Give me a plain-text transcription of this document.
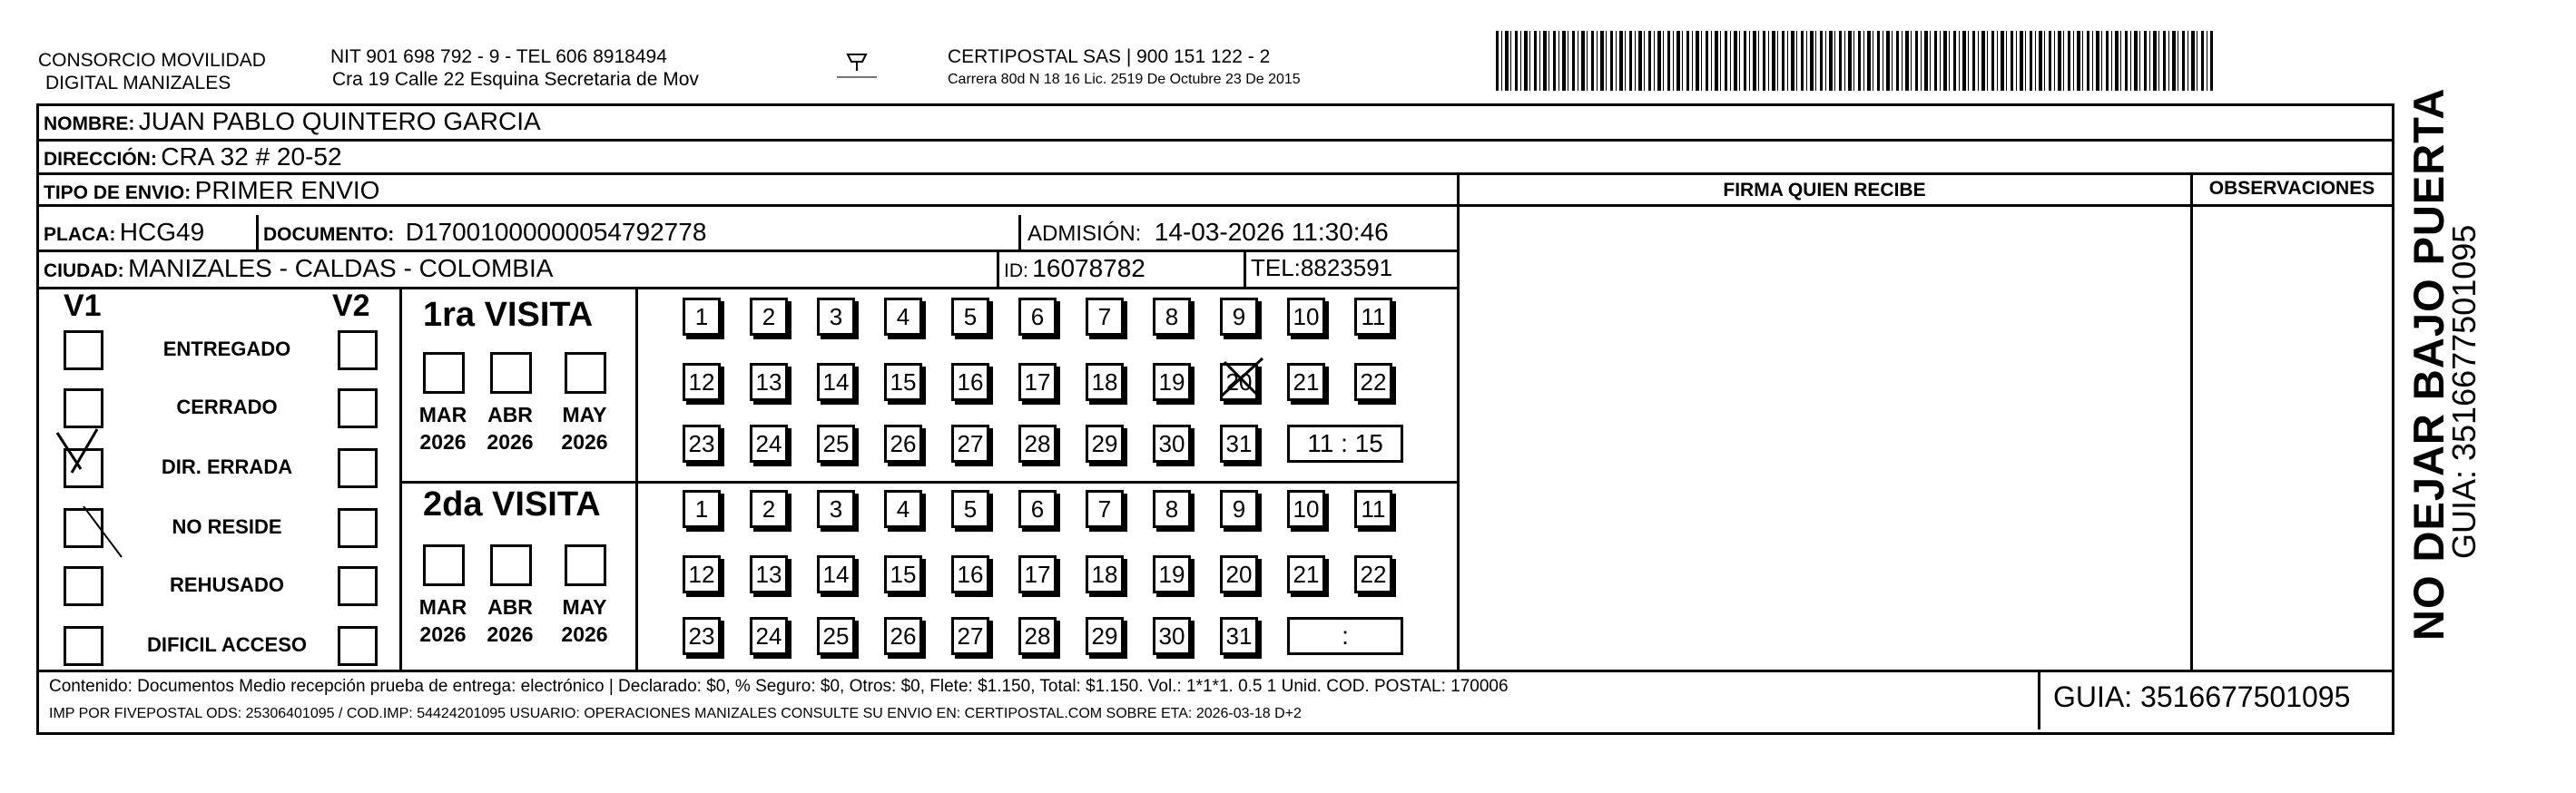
CONSORCIO MOVILIDAD
DIGITAL MANIZALES
NIT 901 698 792 - 9 - TEL 606 8918494
Cra 19 Calle 22 Esquina Secretaria de Mov
CERTIPOSTAL SAS | 900 151 122 - 2
Carrera 80d N 18 16 Lic. 2519 De Octubre 23 De 2015
NOMBRE: JUAN PABLO QUINTERO GARCIA
DIRECCIÓN: CRA 32 # 20-52
TIPO DE ENVIO: PRIMER ENVIO
PLACA: HCG49	DOCUMENTO: D17001000000054792778	ADMISIÓN: 14-03-2026 11:30:46
CIUDAD: MANIZALES - CALDAS - COLOMBIA	ID: 16078782	TEL:8823591
FIRMA QUIEN RECIBE	OBSERVACIONES
V1	V2
ENTREGADO
CERRADO
DIR. ERRADA
NO RESIDE
REHUSADO
DIFICIL ACCESO
1ra VISITA
2da VISITA
MAR
2026
ABR
2026
MAY
2026
1	2	3	4	5	6	7	8	9	10 11
12 13 14 15 16 17 18 19 20 21 22
23 24 25 26 27 28 29 30 31	11 : 15
MAR
2026
ABR
2026
MAY
2026
1	2	3	4	5	6	7	8	9	10 11
12 13 14 15 16 17 18 19 20 21 22
23 24 25 26 27 28 29 30 31	:
Contenido: Documentos Medio recepción prueba de entrega: electrónico | Declarado: $0, % Seguro: $0, Otros: $0, Flete: $1.150, Total: $1.150. Vol.: 1*1*1. 0.5 1 Unid. COD. POSTAL: 170006
IMP POR FIVEPOSTAL ODS: 25306401095 / COD.IMP: 54424201095 USUARIO: OPERACIONES MANIZALES CONSULTE SU ENVIO EN: CERTIPOSTAL.COM SOBRE ETA: 2026-03-18 D+2
GUIA: 3516677501095
NO DEJAR BAJO PUERTA
GUIA: 3516677501095
